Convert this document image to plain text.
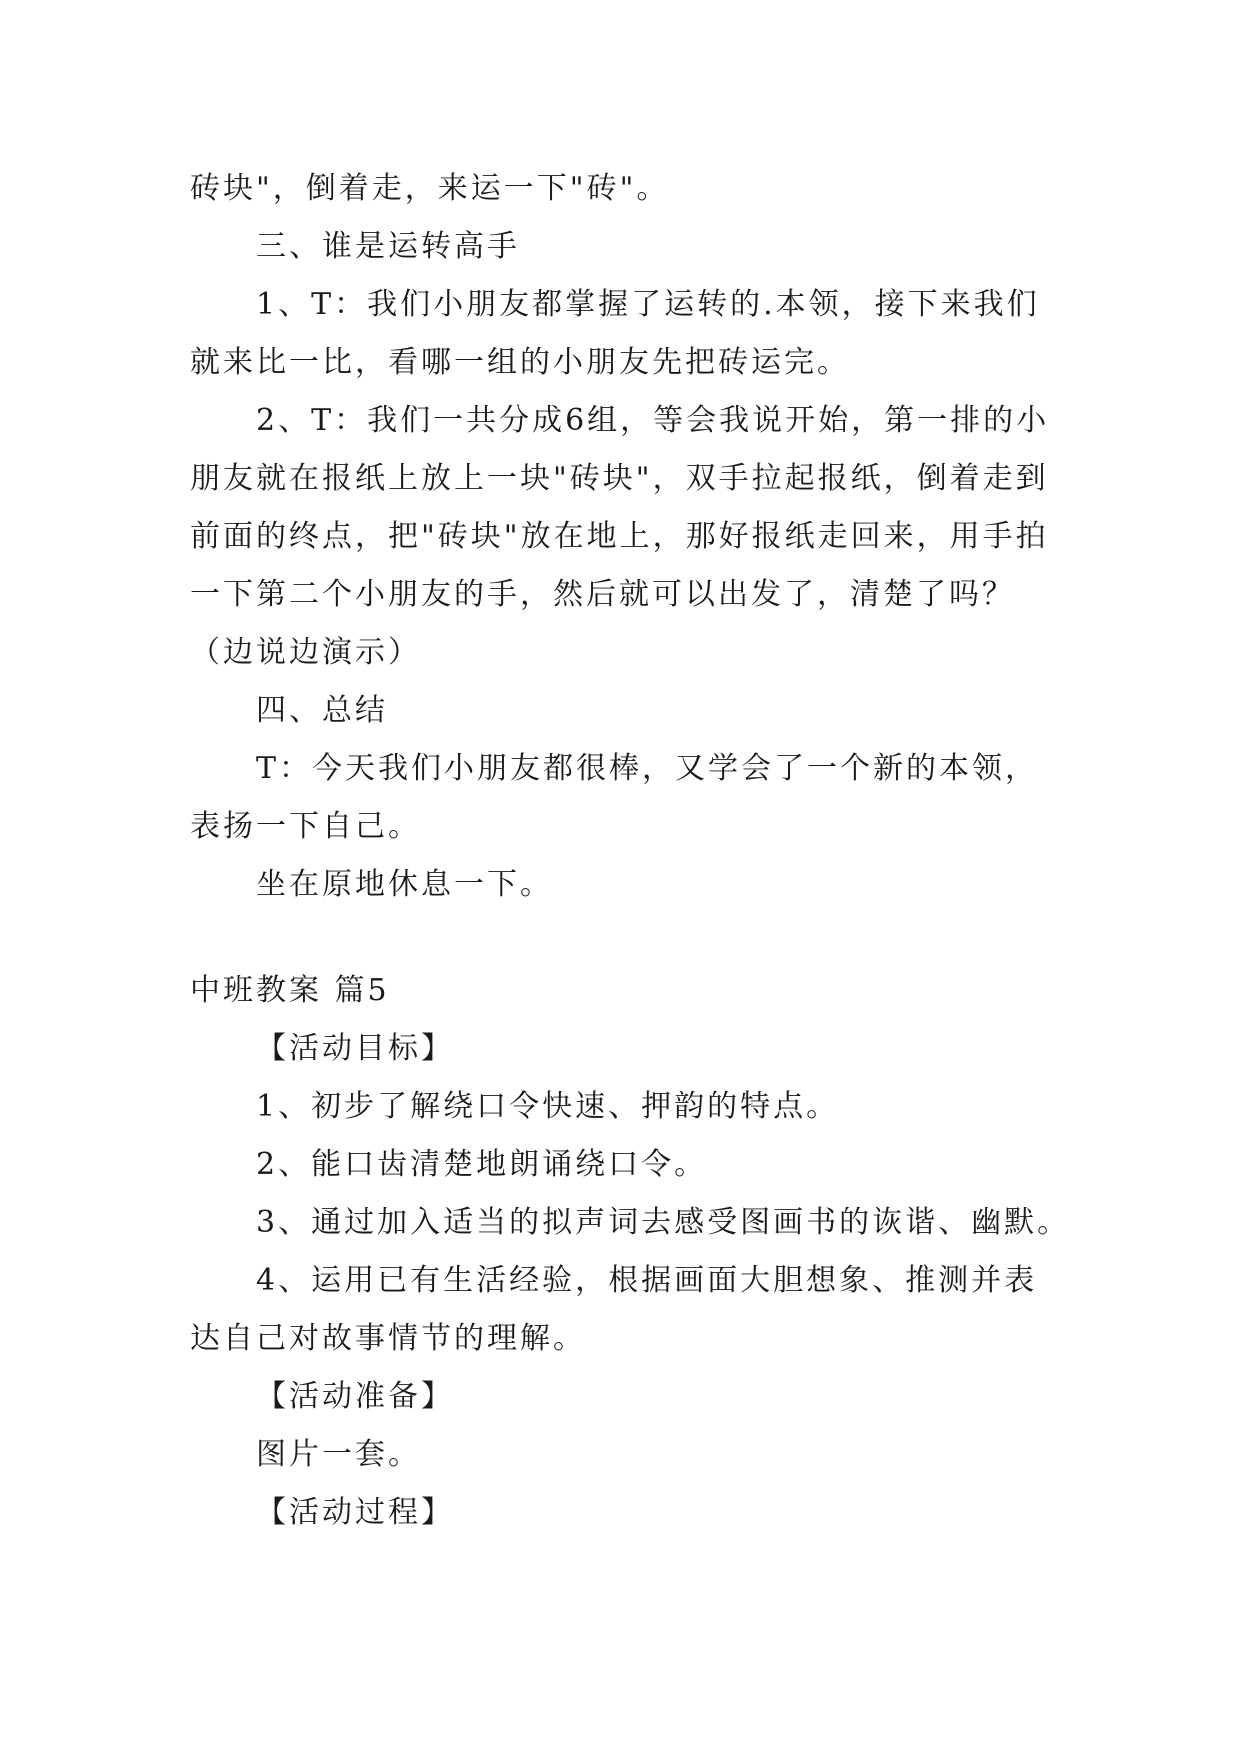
砖块"，倒着走，来运一下"砖"。
三、谁是运转高手
1、T：我们小朋友都掌握了运转的.本领，接下来我们
就来比一比，看哪一组的小朋友先把砖运完。
2、T：我们一共分成6组，等会我说开始，第一排的小
朋友就在报纸上放上一块"砖块"，双手拉起报纸，倒着走到
前面的终点，把"砖块"放在地上，那好报纸走回来，用手拍
一下第二个小朋友的手，然后就可以出发了，清楚了吗？
（边说边演示）
四、总结
T：今天我们小朋友都很棒，又学会了一个新的本领，
表扬一下自己。
坐在原地休息一下。
中班教案 篇5
【活动目标】
1、初步了解绕口令快速、押韵的特点。
2、能口齿清楚地朗诵绕口令。
3、通过加入适当的拟声词去感受图画书的诙谐、幽默。
4、运用已有生活经验，根据画面大胆想象、推测并表
达自己对故事情节的理解。
【活动准备】
图片一套。
【活动过程】
